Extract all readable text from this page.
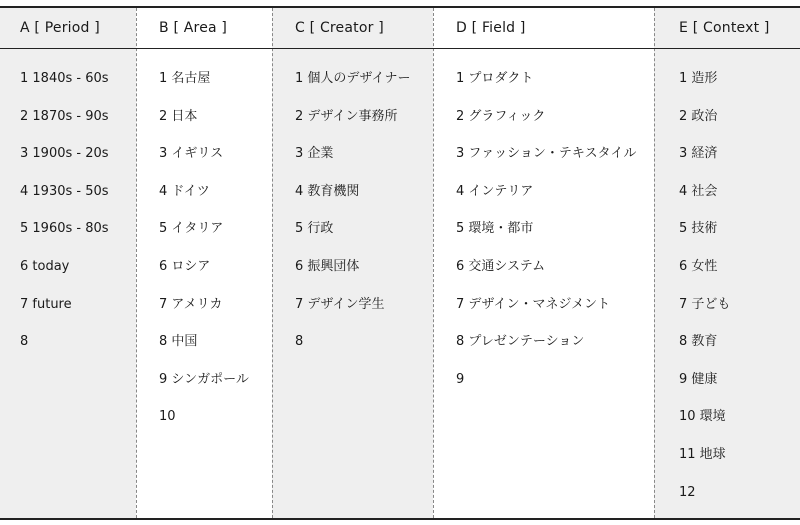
A [ Period ]
1 1840s - 60s
2 1870s - 90s
3 1900s - 20s
4 1930s - 50s
5 1960s - 80s
6 today
7 future
8
B [ Area ]
1 名古屋
2 日本
3 イギリス
4 ドイツ
5 イタリア
6 ロシア
7 アメリカ
8 中国
9 シンガポール
10
C [ Creator ]
1 個人のデザイナー
2 デザイン事務所
3 企業
4 教育機関
5 行政
6 振興団体
7 デザイン学生
8
D [ Field ]
1 プロダクト
2 グラフィック
3 ファッション・テキスタイル
4 インテリア
5 環境・都市
6 交通システム
7 デザイン・マネジメント
8 プレゼンテーション
9
E [ Context ]
1 造形
2 政治
3 経済
4 社会
5 技術
6 女性
7 子ども
8 教育
9 健康
10 環境
11 地球
12
